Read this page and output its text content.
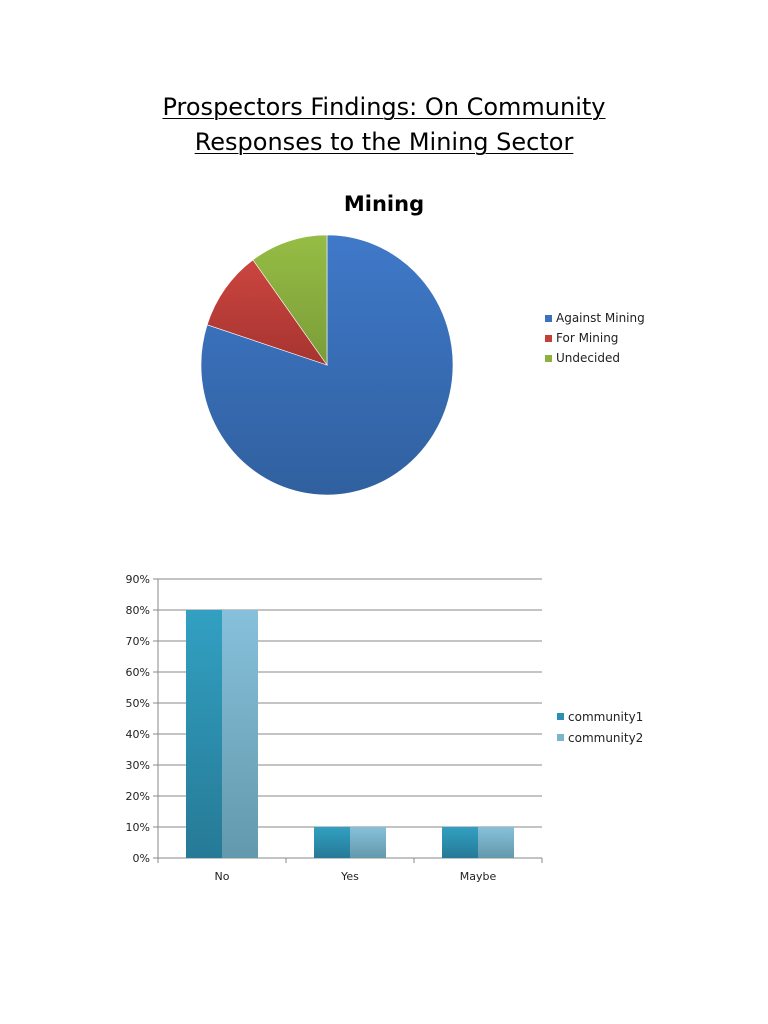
Prospectors Findings: On Community
Responses to the Mining Sector
Mining
Against Mining
For Mining
Undecided
0%
10%
20%
30%
40%
50%
60%
70%
80%
90%
No	Yes	Maybe
community1
community2
